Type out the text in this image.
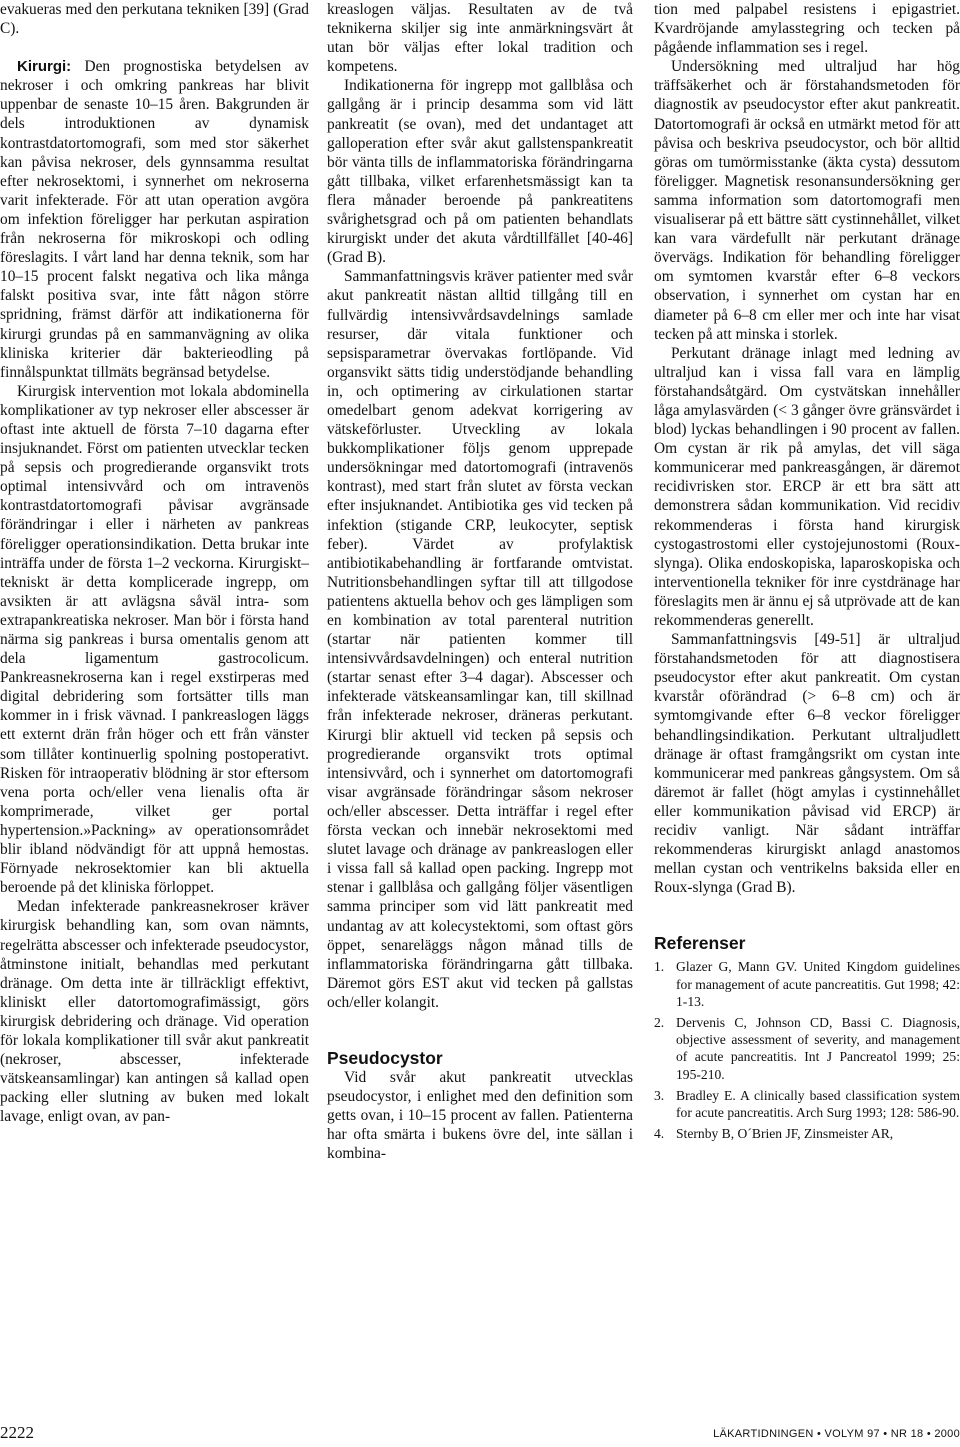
evakueras med den perkutana tekniken [39] (Grad C).

Kirurgi: Den prognostiska betydelsen av nekroser i och omkring pankreas har blivit uppenbar de senaste 10–15 åren. Bakgrunden är dels introduktionen av dynamisk kontrastdatortomografi, som med stor säkerhet kan påvisa nekroser, dels gynnsamma resultat efter nekrosektomi, i synnerhet om nekroserna varit infekterade. För att utan operation avgöra om infektion föreligger har perkutan aspiration från nekroserna för mikroskopi och odling föreslagits. I vårt land har denna teknik, som har 10–15 procent falskt negativa och lika många falskt positiva svar, inte fått någon större spridning, främst därför att indikationerna för kirurgi grundas på en sammanvägning av olika kliniska kriterier där bakterieodling på finnålspunktat tillmäts begränsad betydelse.

Kirurgisk intervention mot lokala abdominella komplikationer av typ nekroser eller abscesser är oftast inte aktuell de första 7–10 dagarna efter insjuknandet. Först om patienten utvecklar tecken på sepsis och progredierande organsvikt trots optimal intensivvård och om intravenös kontrastdatortomografi påvisar avgränsade förändringar i eller i närheten av pankreas föreligger operationsindikation. Detta brukar inte inträffa under de första 1–2 veckorna. Kirurgiskt–tekniskt är detta komplicerade ingrepp, om avsikten är att avlägsna såväl intra- som extrapankreatiska nekroser. Man bör i första hand närma sig pankreas i bursa omentalis genom att dela ligamentum gastrocolicum. Pankreasnekroserna kan i regel exstirperas med digital debridering som fortsätter tills man kommer in i frisk vävnad. I pankreaslogen läggs ett externt drän från höger och ett från vänster som tillåter kontinuerlig spolning postoperativt. Risken för intraoperativ blödning är stor eftersom vena porta och/eller vena lienalis ofta är komprimerade, vilket ger portal hypertension.»Packning» av operationsområdet blir ibland nödvändigt för att uppnå hemostas. Förnyade nekrosektomier kan bli aktuella beroende på det kliniska förloppet.

Medan infekterade pankreasnekroser kräver kirurgisk behandling kan, som ovan nämnts, regelrätta abscesser och infekterade pseudocystor, åtminstone initialt, behandlas med perkutant dränage. Om detta inte är tillräckligt effektivt, kliniskt eller datortomografimässigt, görs kirurgisk debridering och dränage. Vid operation för lokala komplikationer till svår akut pankreatit (nekroser, abscesser, infekterade vätskeansamlingar) kan antingen så kallad open packing eller slutning av buken med lokalt lavage, enligt ovan, av pan-

kreaslogen väljas. Resultaten av de två teknikerna skiljer sig inte anmärkningsvärt åt utan bör väljas efter lokal tradition och kompetens.

Indikationerna för ingrepp mot gallblåsa och gallgång är i princip desamma som vid lätt pankreatit (se ovan), med det undantaget att galloperation efter svår akut gallstenspankreatit bör vänta tills de inflammatoriska förändringarna gått tillbaka, vilket erfarenhetsmässigt kan ta flera månader beroende på pankreatitens svårighetsgrad och på om patienten behandlats kirurgiskt under det akuta vårdtillfället [40-46] (Grad B).

Sammanfattningsvis kräver patienter med svår akut pankreatit nästan alltid tillgång till en fullvärdig intensivvårdsavdelnings samlade resurser, där vitala funktioner och sepsisparametrar övervakas fortlöpande. Vid organsvikt sätts tidig understödjande behandling in, och optimering av cirkulationen startar omedelbart genom adekvat korrigering av vätskeförluster. Utveckling av lokala bukkomplikationer följs genom upprepade undersökningar med datortomografi (intravenös kontrast), med start från slutet av första veckan efter insjuknandet. Antibiotika ges vid tecken på infektion (stigande CRP, leukocyter, septisk feber). Värdet av profylaktisk antibiotikabehandling är fortfarande omtvistat. Nutritionsbehandlingen syftar till att tillgodose patientens aktuella behov och ges lämpligen som en kombination av total parenteral nutrition (startar när patienten kommer till intensivvårdsavdelningen) och enteral nutrition (startar senast efter 3–4 dagar). Abscesser och infekterade vätskeansamlingar kan, till skillnad från infekterade nekroser, dräneras perkutant. Kirurgi blir aktuell vid tecken på sepsis och progredierande organsvikt trots optimal intensivvård, och i synnerhet om datortomografi visar avgränsade förändringar såsom nekroser och/eller abscesser. Detta inträffar i regel efter första veckan och innebär nekrosektomi med slutet lavage och dränage av pankreaslogen eller i vissa fall så kallad open packing. Ingrepp mot stenar i gallblåsa och gallgång följer väsentligen samma principer som vid lätt pankreatit med undantag av att kolecystektomi, som oftast görs öppet, senareläggs någon månad tills de inflammatoriska förändringarna gått tillbaka. Däremot görs EST akut vid tecken på gallstas och/eller kolangit.

Pseudocystor

Vid svår akut pankreatit utvecklas pseudocystor, i enlighet med den definition som getts ovan, i 10–15 procent av fallen. Patienterna har ofta smärta i bukens övre del, inte sällan i kombina-

tion med palpabel resistens i epigastriet. Kvardröjande amylasstegring och tecken på pågående inflammation ses i regel.

Undersökning med ultraljud har hög träffsäkerhet och är förstahandsmetoden för diagnostik av pseudocystor efter akut pankreatit. Datortomografi är också en utmärkt metod för att påvisa och beskriva pseudocystor, och bör alltid göras om tumörmisstanke (äkta cysta) dessutom föreligger. Magnetisk resonansundersökning ger samma information som datortomografi men visualiserar på ett bättre sätt cystinnehållet, vilket kan vara värdefullt när perkutant dränage övervägs. Indikation för behandling föreligger om symtomen kvarstår efter 6–8 veckors observation, i synnerhet om cystan har en diameter på 6–8 cm eller mer och inte har visat tecken på att minska i storlek.

Perkutant dränage inlagt med ledning av ultraljud kan i vissa fall vara en lämplig förstahandsåtgärd. Om cystvätskan innehåller låga amylasvärden (< 3 gånger övre gränsvärdet i blod) lyckas behandlingen i 90 procent av fallen. Om cystan är rik på amylas, det vill säga kommunicerar med pankreasgången, är däremot recidivrisken stor. ERCP är ett bra sätt att demonstrera sådan kommunikation. Vid recidiv rekommenderas i första hand kirurgisk cystogastrostomi eller cystojejunostomi (Roux-slynga). Olika endoskopiska, laparoskopiska och interventionella tekniker för inre cystdränage har föreslagits men är ännu ej så utprövade att de kan rekommenderas generellt.

Sammanfattningsvis [49-51] är ultraljud förstahandsmetoden för att diagnostisera pseudocystor efter akut pankreatit. Om cystan kvarstår oförändrad (> 6–8 cm) och är symtomgivande efter 6–8 veckor föreligger behandlingsindikation. Perkutant ultraljudlett dränage är oftast framgångsrikt om cystan inte kommunicerar med pankreas gångsystem. Om så däremot är fallet (högt amylas i cystinnehållet eller kommunikation påvisad vid ERCP) är recidiv vanligt. När sådant inträffar rekommenderas kirurgiskt anlagd anastomos mellan cystan och ventrikelns baksida eller en Roux-slynga (Grad B).

Referenser
1. Glazer G, Mann GV. United Kingdom guidelines for management of acute pancreatitis. Gut 1998; 42: 1-13.
2. Dervenis C, Johnson CD, Bassi C. Diagnosis, objective assessment of severity, and management of acute pancreatitis. Int J Pancreatol 1999; 25: 195-210.
3. Bradley E. A clinically based classification system for acute pancreatitis. Arch Surg 1993; 128: 586-90.
4. Sternby B, O´Brien JF, Zinsmeister AR,
2222	LÄKARTIDNINGEN • VOLYM 97 • NR 18 • 2000
